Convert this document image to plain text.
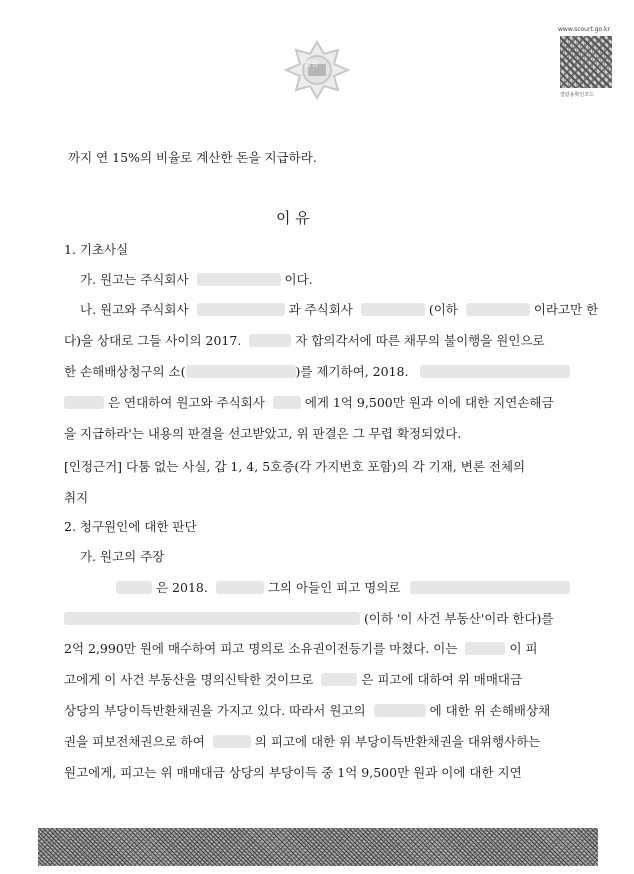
법원
www.scourt.go.kr
열람용확인코드
까지 연 15%의 비율로 계산한 돈을 지급하라.
이 유
1. 기초사실
가. 원고는 주식회사	이다.
나. 원고와 주식회사	과 주식회사	(이하	이라고만 한
다)을 상대로 그들 사이의 2017.	자 합의각서에 따른 채무의 불이행을 원인으로
한 손해배상청구의 소(	)를 제기하여, 2018.
은 연대하여 원고와 주식회사	에게 1억 9,500만 원과 이에 대한 지연손해금
을 지급하라'는 내용의 판결을 선고받았고, 위 판결은 그 무렵 확정되었다.
[인정근거] 다툼 없는 사실, 갑 1, 4, 5호증(각 가지번호 포함)의 각 기재, 변론 전체의
취지
2. 청구원인에 대한 판단
가. 원고의 주장
은 2018.	그의 아들인 피고 명의로
(이하 '이 사건 부동산'이라 한다)를
2억 2,990만 원에 매수하여 피고 명의로 소유권이전등기를 마쳤다. 이는	이 피
고에게 이 사건 부동산을 명의신탁한 것이므로	은 피고에 대하여 위 매매대금
상당의 부당이득반환채권을 가지고 있다. 따라서 원고의	에 대한 위 손해배상채
권을 피보전채권으로 하여	의 피고에 대한 위 부당이득반환채권을 대위행사하는
원고에게, 피고는 위 매매대금 상당의 부당이득 중 1억 9,500만 원과 이에 대한 지연
